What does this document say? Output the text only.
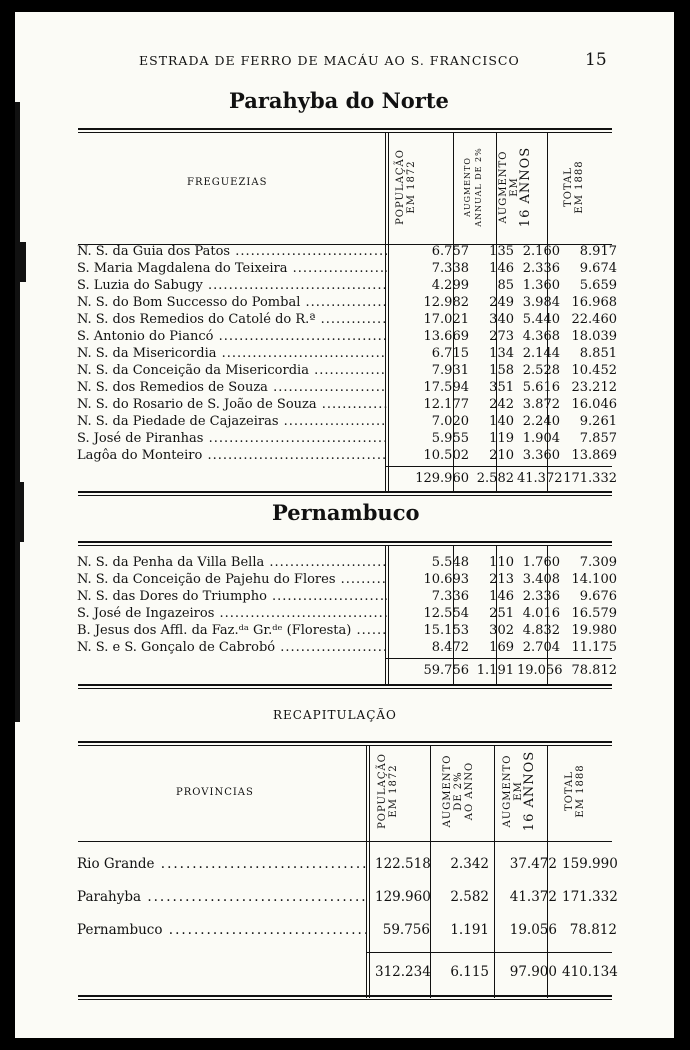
ESTRADA DE FERRO DE MACÁU AO S. FRANCISCO	15
Parahyba do Norte
FREGUEZIAS	POPULAÇÃO EM 1872	AUGMENTO ANNUAL DE 2% AUGMENTO EM
16 ANNOS	TOTAL EM 1888
N. S. da Guia dos Patos .....	6.757	135 2.160	8.917
S. Maria Magdalena do Teixeira .....	7.338	146 2.336	9.674
S. Luzia do Sabugy .....	4.299	85 1.360	5.659
N. S. do Bom Successo do Pombal .....	12.982	249 3.984 16.968
N. S. dos Remedios do Catolé do R.ª .....	17.021	340 5.440 22.460
S. Antonio do Piancó .....	13.669	273 4.368 18.039
N. S. da Misericordia .....	6.715	134 2.144	8.851
N. S. da Conceição da Misericordia .....	7.931	158 2.528 10.452
N. S. dos Remedios de Souza .....	17.594	351 5.616 23.212
N. S. do Rosario de S. João de Souza .....	12.177	242 3.872 16.046
N. S. da Piedade de Cajazeiras .....	7.020	140 2.240	9.261
S. José de Piranhas .....	5.955	119 1.904	7.857
Lagôa do Monteiro .....	10.502	210 3.360 13.869
129.960 2.582 41.372 171.332
Pernambuco
N. S. da Penha da Villa Bella .....	5.548	110 1.760	7.309
N. S. da Conceição de Pajehu do Flores .....	10.693	213 3.408 14.100
N. S. das Dores do Triumpho .....	7.336	146 2.336	9.676
S. José de Ingazeiros .....	12.554	251 4.016 16.579
B. Jesus dos Affl. da Faz.ᵈᵃ Gr.ᵈᵉ (Floresta) .....	15.153	302 4.832 19.980
N. S. e S. Gonçalo de Cabrobó .....	8.472	169 2.704 11.175
59.756 1.191 19.056 78.812
RECAPITULAÇÃO
PROVINCIAS	POPULAÇÃO EM 1872	AUGMENTO DE 2% AO ANNO	AUGMENTO EM
16 ANNOS	TOTAL EM 1888
Rio Grande .....	122.518	2.342	37.472 159.990
Parahyba .....	129.960	2.582	41.372 171.332
Pernambuco .....	59.756	1.191	19.056 78.812
312.234	6.115	97.900 410.134
